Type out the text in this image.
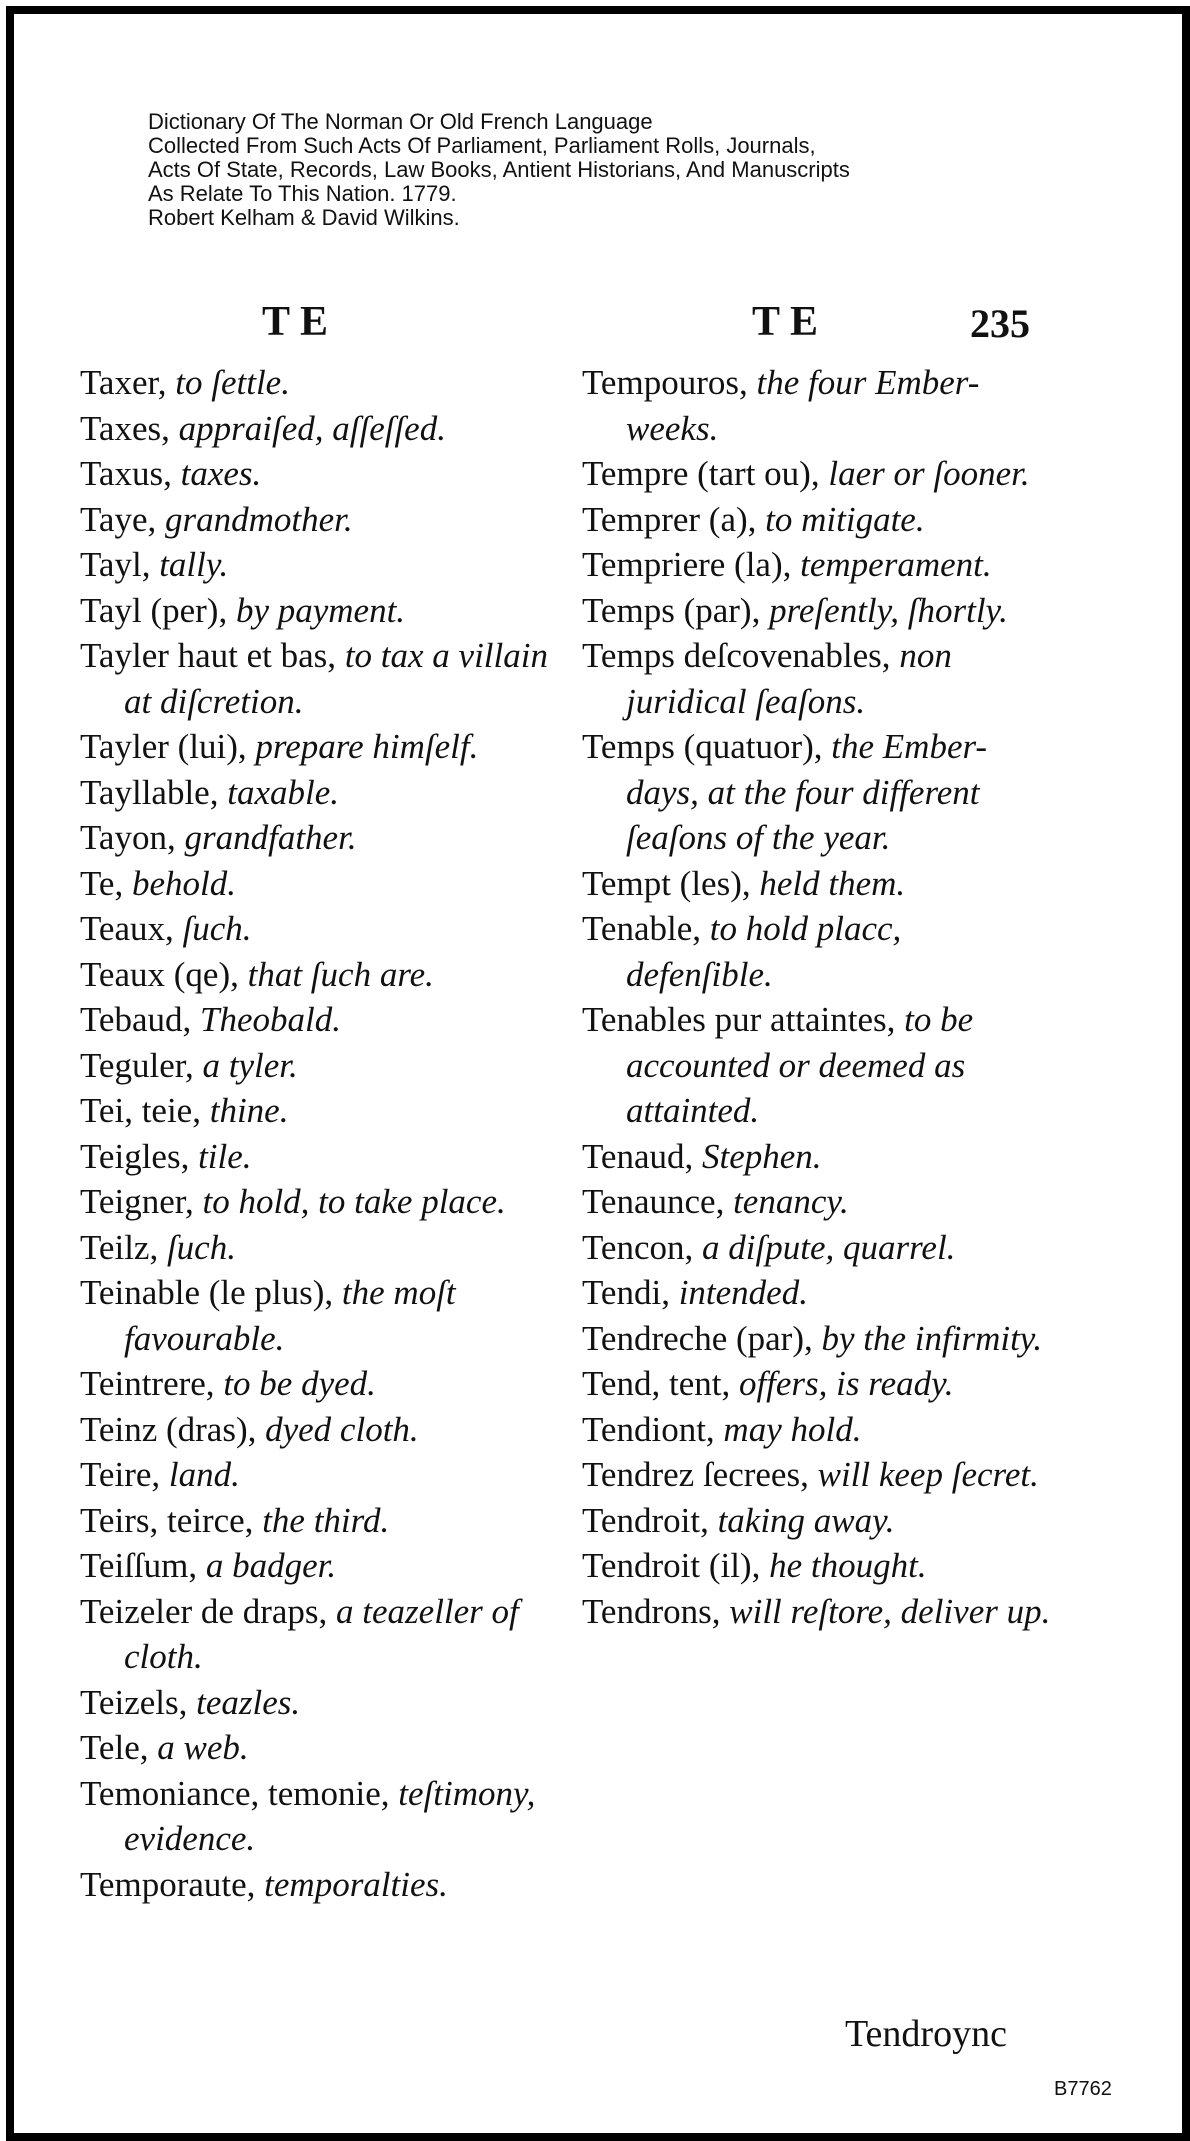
Dictionary Of The Norman Or Old French Language
Collected From Such Acts Of Parliament, Parliament Rolls, Journals,
Acts Of State, Records, Law Books, Antient Historians, And Manuscripts
As Relate To This Nation. 1779.
Robert Kelham & David Wilkins.
TE	TE	235

Taxer, to ſettle.

Taxes, appraiſed, aſſeſſed.

Taxus, taxes.

Taye, grandmother.

Tayl, tally.

Tayl (per), by payment.

Tayler haut et bas, to tax a villain at diſcretion.

Tayler (lui), prepare himſelf.

Tayllable, taxable.

Tayon, grandfather.

Te, behold.

Teaux, ſuch.

Teaux (qe), that ſuch are.

Tebaud, Theobald.

Teguler, a tyler.

Tei, teie, thine.

Teigles, tile.

Teigner, to hold, to take place.

Teilz, ſuch.

Teinable (le plus), the moſt favourable.

Teintrere, to be dyed.

Teinz (dras), dyed cloth.

Teire, land.

Teirs, teirce, the third.

Teiſſum, a badger.

Teizeler de draps, a teazeller of cloth.

Teizels, teazles.

Tele, a web.

Temoniance, temonie, teſtimony, evidence.

Temporaute, temporalties.

Tempouros, the four Ember-weeks.

Tempre (tart ou), laer or ſooner.

Temprer (a), to mitigate.

Tempriere (la), temperament.

Temps (par), preſently, ſhortly.

Temps deſcovenables, non juridical ſeaſons.

Temps (quatuor), the Ember-days, at the four different ſeaſons of the year.

Tempt (les), held them.

Tenable, to hold placc, defenſible.

Tenables pur attaintes, to be accounted or deemed as attainted.

Tenaud, Stephen.

Tenaunce, tenancy.

Tencon, a diſpute, quarrel.

Tendi, intended.

Tendreche (par), by the infirmity.

Tend, tent, offers, is ready.

Tendiont, may hold.

Tendrez ſecrees, will keep ſecret.

Tendroit, taking away.

Tendroit (il), he thought.

Tendrons, will reſtore, deliver up.

Tendroync
B7762
